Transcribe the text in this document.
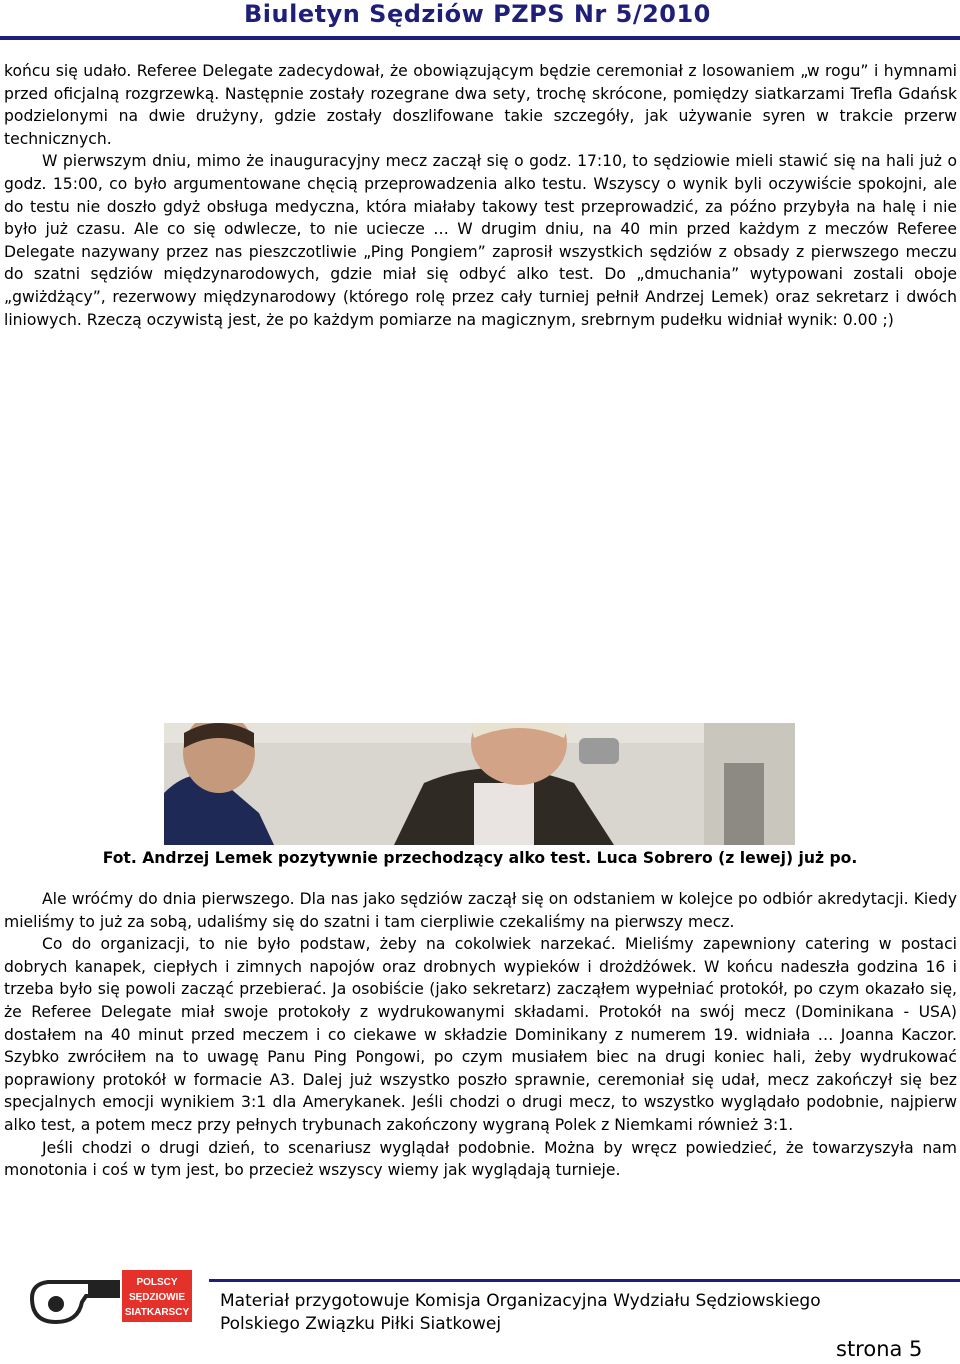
Biuletyn Sędziów PZPS Nr 5/2010

końcu się udało. Referee Delegate zadecydował, że obowiązującym będzie ceremoniał z losowaniem „w rogu” i hymnami przed oficjalną rozgrzewką. Następnie zostały rozegrane dwa sety, trochę skrócone, pomiędzy siatkarzami Trefla Gdańsk podzielonymi na dwie drużyny, gdzie zostały doszlifowane takie szczegóły, jak używanie syren w trakcie przerw technicznych.

W pierwszym dniu, mimo że inauguracyjny mecz zaczął się o godz. 17:10, to sędziowie mieli stawić się na hali już o godz. 15:00, co było argumentowane chęcią przeprowadzenia alko testu. Wszyscy o wynik byli oczywiście spokojni, ale do testu nie doszło gdyż obsługa medyczna, która miałaby takowy test przeprowadzić, za późno przybyła na halę i nie było już czasu. Ale co się odwlecze, to nie uciecze … W drugim dniu, na 40 min przed każdym z meczów Referee Delegate nazywany przez nas pieszczotliwie „Ping Pongiem” zaprosił wszystkich sędziów z obsady z pierwszego meczu do szatni sędziów międzynarodowych, gdzie miał się odbyć alko test. Do „dmuchania” wytypowani zostali oboje „gwiżdżący”, rezerwowy międzynarodowy (którego rolę przez cały turniej pełnił Andrzej Lemek) oraz sekretarz i dwóch liniowych. Rzeczą oczywistą jest, że po każdym pomiarze na magicznym, srebrnym pudełku widniał wynik: 0.00 ;)

Fot. Andrzej Lemek pozytywnie przechodzący alko test. Luca Sobrero (z lewej) już po.

Ale wróćmy do dnia pierwszego. Dla nas jako sędziów zaczął się on odstaniem w kolejce po odbiór akredytacji. Kiedy mieliśmy to już za sobą, udaliśmy się do szatni i tam cierpliwie czekaliśmy na pierwszy mecz.

Co do organizacji, to nie było podstaw, żeby na cokolwiek narzekać. Mieliśmy zapewniony catering w postaci dobrych kanapek, ciepłych i zimnych napojów oraz drobnych wypieków i drożdżówek. W końcu nadeszła godzina 16 i trzeba było się powoli zacząć przebierać. Ja osobiście (jako sekretarz) zacząłem wypełniać protokół, po czym okazało się, że Referee Delegate miał swoje protokoły z wydrukowanymi składami. Protokół na swój mecz (Dominikana - USA) dostałem na 40 minut przed meczem i co ciekawe w składzie Dominikany z numerem 19. widniała … Joanna Kaczor. Szybko zwróciłem na to uwagę Panu Ping Pongowi, po czym musiałem biec na drugi koniec hali, żeby wydrukować poprawiony protokół w formacie A3. Dalej już wszystko poszło sprawnie, ceremoniał się udał, mecz zakończył się bez specjalnych emocji wynikiem 3:1 dla Amerykanek. Jeśli chodzi o drugi mecz, to wszystko wyglądało podobnie, najpierw alko test, a potem mecz przy pełnych trybunach zakończony wygraną Polek z Niemkami również 3:1.

Jeśli chodzi o drugi dzień, to scenariusz wyglądał podobnie. Można by wręcz powiedzieć, że towarzyszyła nam monotonia i coś w tym jest, bo przecież wszyscy wiemy jak wyglądają turnieje.

POLSCY
SĘDZIOWIE
SIATKARSCY
Materiał przygotowuje Komisja Organizacyjna Wydziału Sędziowskiego
Polskiego Związku Piłki Siatkowej
strona 5
